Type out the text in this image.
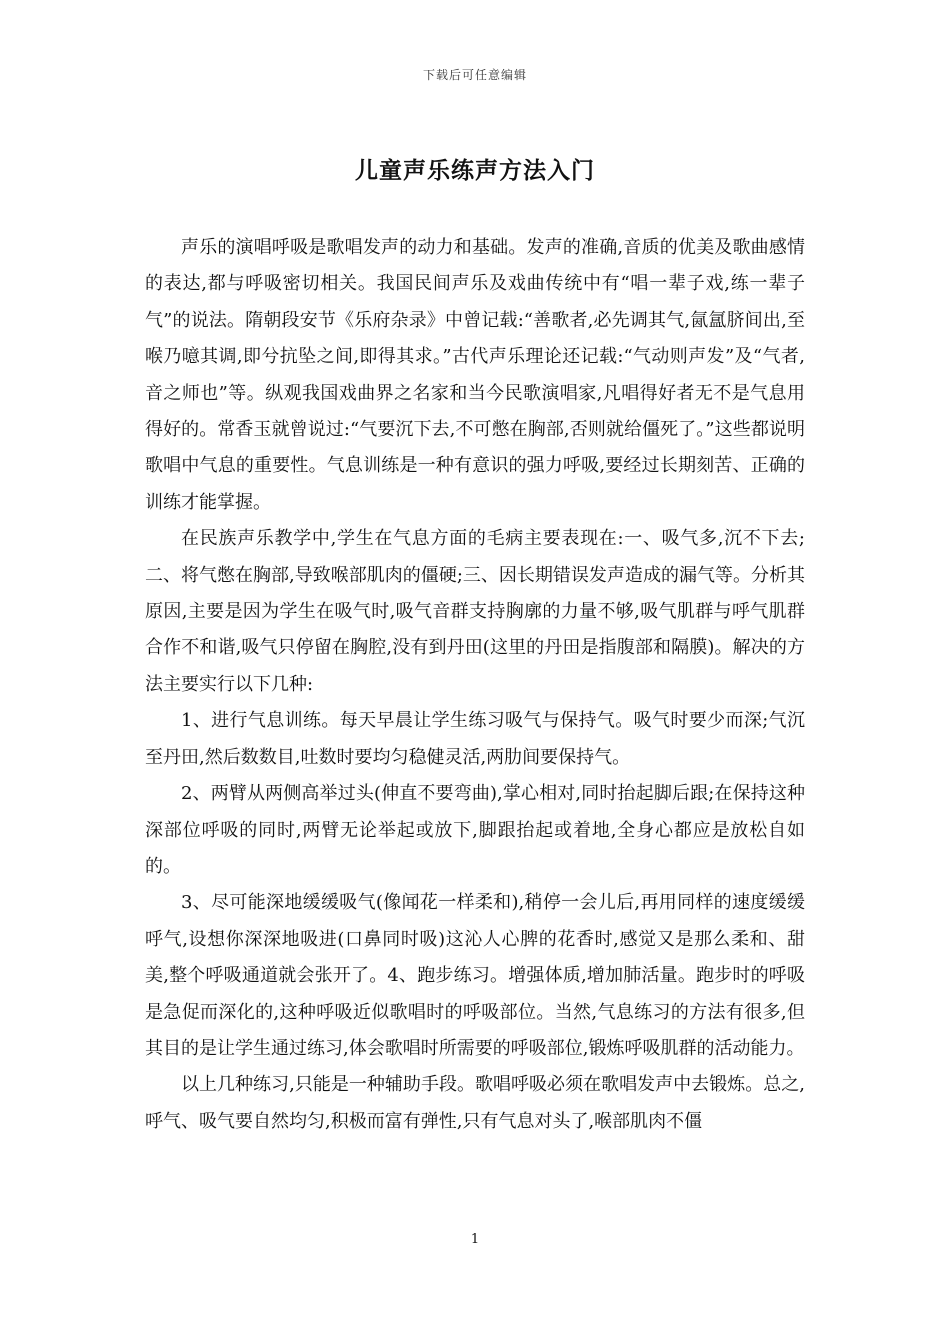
下载后可任意编辑
儿童声乐练声方法入门

声乐的演唱呼吸是歌唱发声的动力和基础。发声的准确,音质的优美及歌曲感情的表达,都与呼吸密切相关。我国民间声乐及戏曲传统中有“唱一辈子戏,练一辈子气”的说法。隋朝段安节《乐府杂录》中曾记载:“善歌者,必先调其气,氤氲脐间出,至喉乃噫其调,即兮抗坠之间,即得其求。”古代声乐理论还记载:“气动则声发”及“气者,音之师也”等。纵观我国戏曲界之名家和当今民歌演唱家,凡唱得好者无不是气息用得好的。常香玉就曾说过:“气要沉下去,不可憋在胸部,否则就给僵死了。”这些都说明歌唱中气息的重要性。气息训练是一种有意识的强力呼吸,要经过长期刻苦、正确的训练才能掌握。

在民族声乐教学中,学生在气息方面的毛病主要表现在:一、吸气多,沉不下去;二、将气憋在胸部,导致喉部肌肉的僵硬;三、因长期错误发声造成的漏气等。分析其原因,主要是因为学生在吸气时,吸气音群支持胸廓的力量不够,吸气肌群与呼气肌群合作不和谐,吸气只停留在胸腔,没有到丹田(这里的丹田是指腹部和隔膜)。解决的方法主要实行以下几种:

1、进行气息训练。每天早晨让学生练习吸气与保持气。吸气时要少而深;气沉至丹田,然后数数目,吐数时要均匀稳健灵活,两肋间要保持气。

2、两臂从两侧高举过头(伸直不要弯曲),掌心相对,同时抬起脚后跟;在保持这种深部位呼吸的同时,两臂无论举起或放下,脚跟抬起或着地,全身心都应是放松自如的。

3、尽可能深地缓缓吸气(像闻花一样柔和),稍停一会儿后,再用同样的速度缓缓呼气,设想你深深地吸进(口鼻同时吸)这沁人心脾的花香时,感觉又是那么柔和、甜美,整个呼吸通道就会张开了。4、跑步练习。增强体质,增加肺活量。跑步时的呼吸是急促而深化的,这种呼吸近似歌唱时的呼吸部位。当然,气息练习的方法有很多,但其目的是让学生通过练习,体会歌唱时所需要的呼吸部位,锻炼呼吸肌群的活动能力。

以上几种练习,只能是一种辅助手段。歌唱呼吸必须在歌唱发声中去锻炼。总之,呼气、吸气要自然均匀,积极而富有弹性,只有气息对头了,喉部肌肉不僵

1
